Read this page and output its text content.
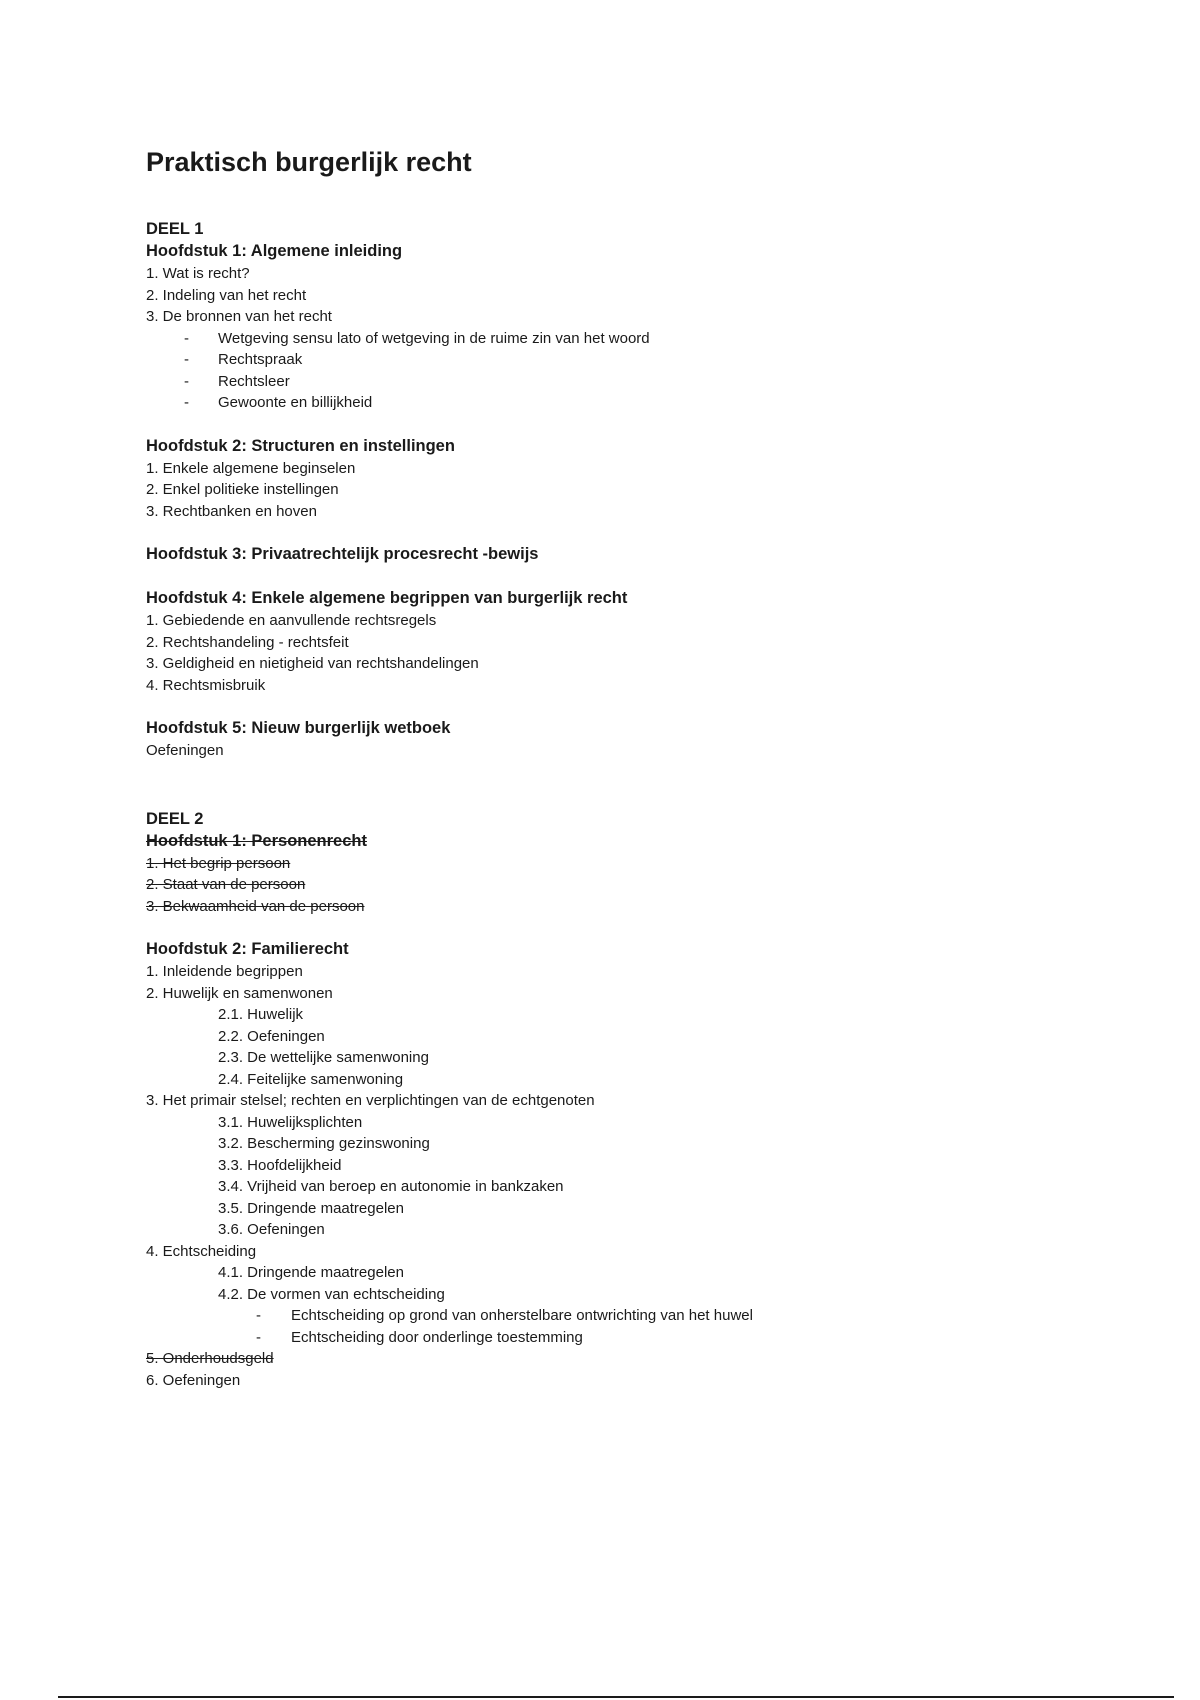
Praktisch burgerlijk recht
DEEL 1
Hoofdstuk 1: Algemene inleiding
1. Wat is recht?
2. Indeling van het recht
3. De bronnen van het recht
- Wetgeving sensu lato of wetgeving in de ruime zin van het woord
- Rechtspraak
- Rechtsleer
- Gewoonte en billijkheid
Hoofdstuk 2: Structuren en instellingen
1. Enkele algemene beginselen
2. Enkel politieke instellingen
3. Rechtbanken en hoven
Hoofdstuk 3: Privaatrechtelijk procesrecht -bewijs
Hoofdstuk 4: Enkele algemene begrippen van burgerlijk recht
1. Gebiedende en aanvullende rechtsregels
2. Rechtshandeling - rechtsfeit
3. Geldigheid en nietigheid van rechtshandelingen
4. Rechtsmisbruik
Hoofdstuk 5: Nieuw burgerlijk wetboek
Oefeningen
DEEL 2
Hoofdstuk 1: Personenrecht
1. Het begrip persoon
2. Staat van de persoon
3. Bekwaamheid van de persoon
Hoofdstuk 2: Familierecht
1. Inleidende begrippen
2. Huwelijk en samenwonen
2.1. Huwelijk
2.2. Oefeningen
2.3. De wettelijke samenwoning
2.4. Feitelijke samenwoning
3. Het primair stelsel; rechten en verplichtingen van de echtgenoten
3.1. Huwelijksplichten
3.2. Bescherming gezinswoning
3.3. Hoofdelijkheid
3.4. Vrijheid van beroep en autonomie in bankzaken
3.5. Dringende maatregelen
3.6. Oefeningen
4. Echtscheiding
4.1. Dringende maatregelen
4.2. De vormen van echtscheiding
- Echtscheiding op grond van onherstelbare ontwrichting van het huwel
- Echtscheiding door onderlinge toestemming
5. Onderhoudsgeld
6. Oefeningen
